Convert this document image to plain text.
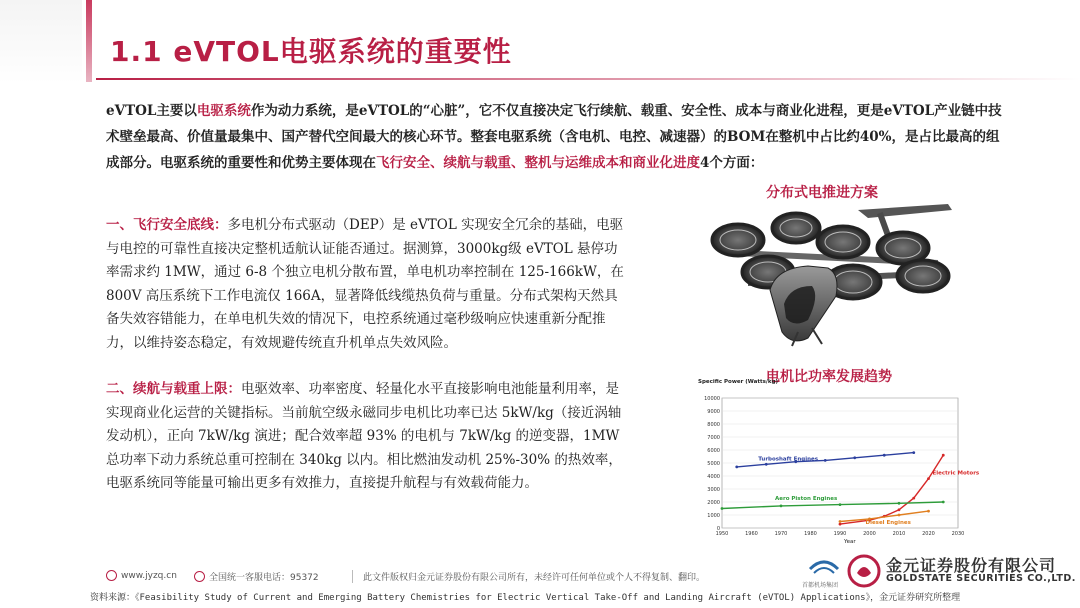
1.1 eVTOL电驱系统的重要性

eVTOL主要以电驱系统作为动力系统，是eVTOL的“心脏”，它不仅直接决定飞行续航、载重、安全性、成本与商业化进程，更是eVTOL产业链中技术壁垒最高、价值量最集中、国产替代空间最大的核心环节。整套电驱系统（含电机、电控、减速器）的BOM在整机中占比约40%，是占比最高的组成部分。电驱系统的重要性和优势主要体现在飞行安全、续航与载重、整机与运维成本和商业化进度4个方面：

一、飞行安全底线：多电机分布式驱动（DEP）是 eVTOL 实现安全冗余的基础，电驱与电控的可靠性直接决定整机适航认证能否通过。据测算，3000kg级 eVTOL 悬停功率需求约 1MW，通过 6-8 个独立电机分散布置，单电机功率控制在 125-166kW，在 800V 高压系统下工作电流仅 166A，显著降低线缆热负荷与重量。分布式架构天然具备失效容错能力，在单电机失效的情况下，电控系统通过毫秒级响应快速重新分配推力，以维持姿态稳定，有效规避传统直升机单点失效风险。

二、续航与载重上限：电驱效率、功率密度、轻量化水平直接影响电池能量利用率，是实现商业化运营的关键指标。当前航空级永磁同步电机比功率已达 5kW/kg（接近涡轴发动机），正向 7kW/kg 演进；配合效率超 93% 的电机与 7kW/kg 的逆变器，1MW 总功率下动力系统总重可控制在 340kg 以内。相比燃油发动机 25%-30% 的热效率，电驱系统同等能量可输出更多有效推力，直接提升航程与有效载荷能力。

分布式电推进方案
电机比功率发展趋势
Specific Power (Watts/kg)
0
1000
2000
3000
4000
5000
6000
7000
8000
9000
10000
1950	1960	1970	1980	1990	2000	2010	2020	2030
Turboshaft Engines
Electric Motors
Aero Piston Engines
Diesel Engines
Year
www.jyzq.cn	全国统一客服电话：95372	此文件版权归金元证券股份有限公司所有，未经许可任何单位或个人不得复制、翻印。
首都机场集团
金元证券股份有限公司
GOLDSTATE SECURITIES CO.,LTD.
资料来源：《Feasibility Study of Current and Emerging Battery Chemistries for Electric Vertical Take-Off and Landing Aircraft (eVTOL) Applications》，金元证券研究所整理
